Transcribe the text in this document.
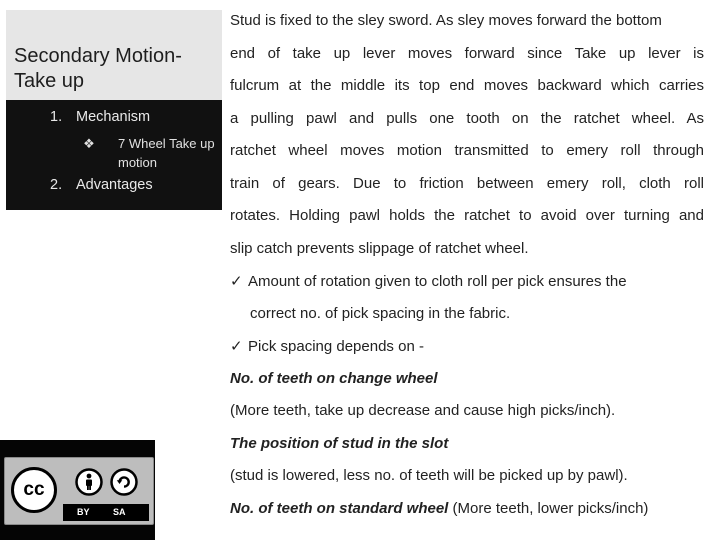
Secondary Motion- Take up
1. Mechanism
❖ 7 Wheel Take up motion
2. Advantages
cc
BY	SA
Stud is fixed to the sley sword. As sley moves forward the bottom
end of take up lever moves forward since Take up lever is
fulcrum at the middle its top end moves backward which carries
a pulling pawl and pulls one tooth on the ratchet wheel. As
ratchet wheel moves motion transmitted to emery roll through
train of gears. Due to friction between emery roll, cloth roll
rotates. Holding pawl holds the ratchet to avoid over turning and
slip catch prevents slippage of ratchet wheel.
✓ Amount of rotation given to cloth roll per pick ensures the
correct no. of pick spacing in the fabric.
✓ Pick spacing depends on -
No. of teeth on change wheel
(More teeth, take up decrease and cause high picks/inch).
The position of stud in the slot
(stud is lowered, less no. of teeth will be picked up by pawl).
No. of teeth on standard wheel (More teeth, lower picks/inch)
